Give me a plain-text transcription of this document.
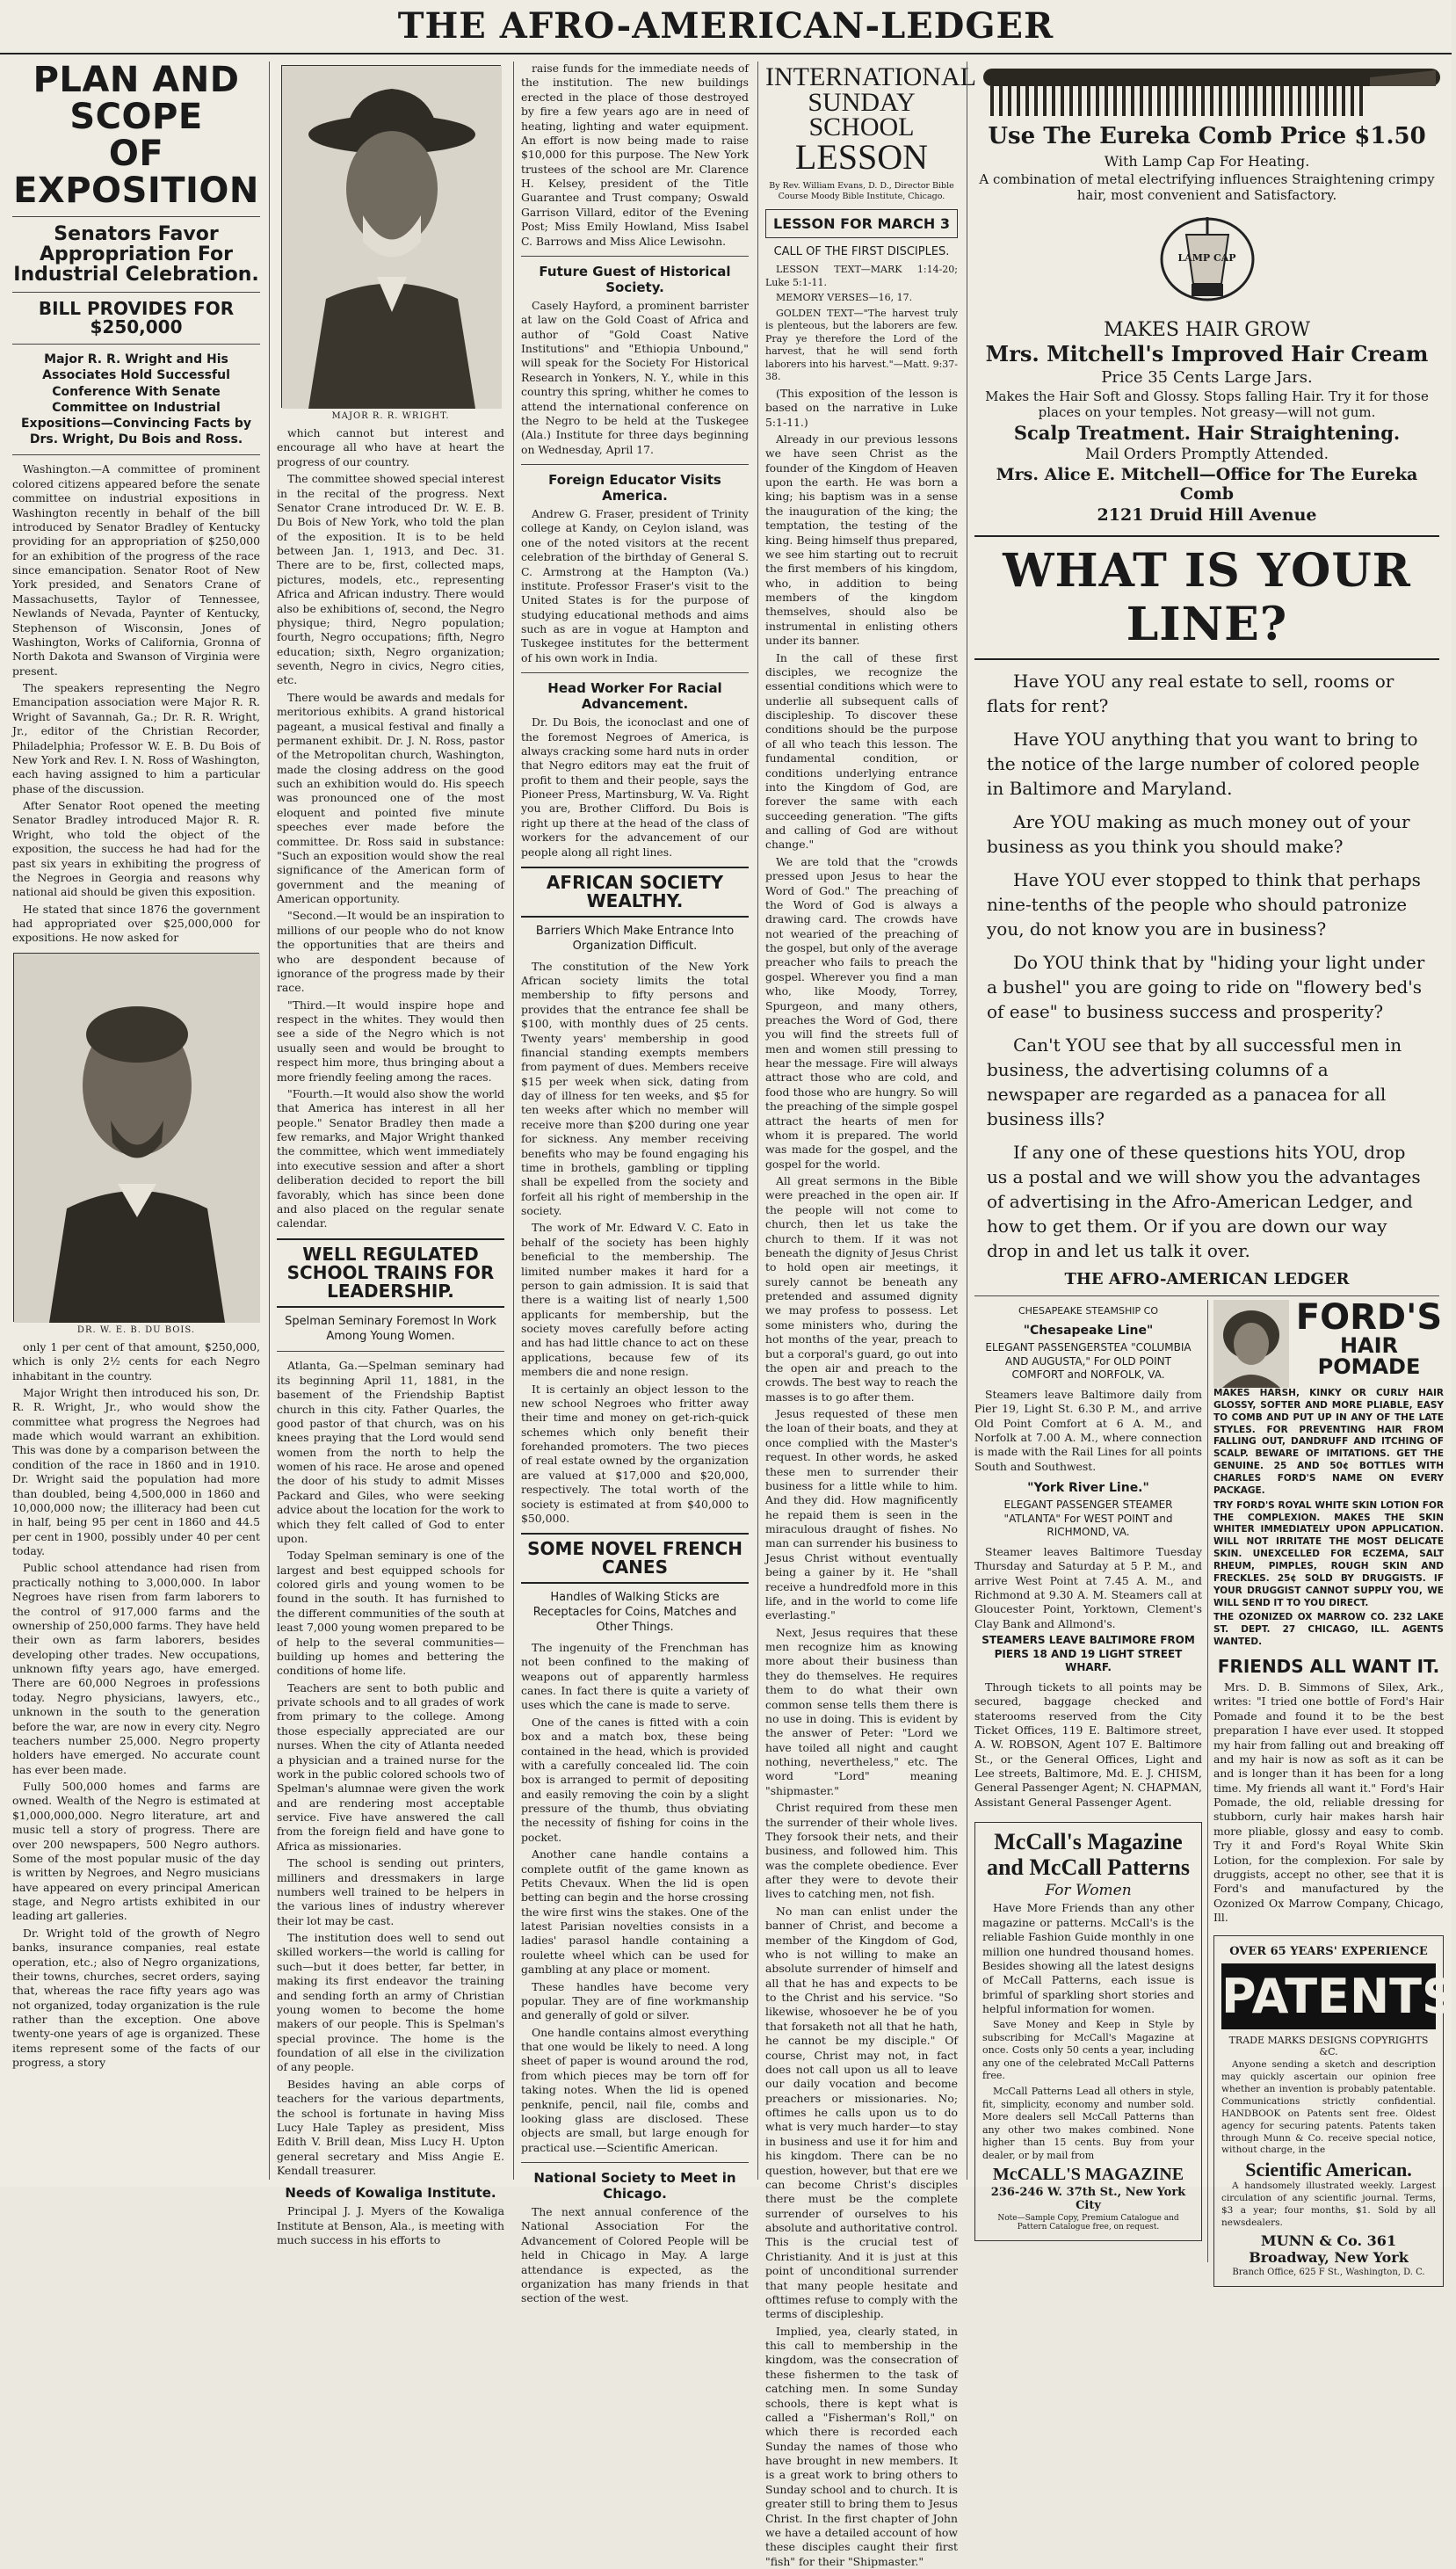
THE AFRO-AMERICAN-LEDGER
PLAN AND SCOPE
OF EXPOSITION
Senators Favor Appropriation For Industrial Celebration.
BILL PROVIDES FOR $250,000
Major R. R. Wright and His Associates Hold Successful Conference With Senate Committee on Industrial Expositions—Convincing Facts by Drs. Wright, Du Bois and Ross.

Washington.—A committee of prominent colored citizens appeared before the senate committee on industrial expositions in Washington recently in behalf of the bill introduced by Senator Bradley of Kentucky providing for an appropriation of $250,000 for an exhibition of the progress of the race since emancipation. Senator Root of New York presided, and Senators Crane of Massachusetts, Taylor of Tennessee, Newlands of Nevada, Paynter of Kentucky, Stephenson of Wisconsin, Jones of Washington, Works of California, Gronna of North Dakota and Swanson of Virginia were present.

The speakers representing the Negro Emancipation association were Major R. R. Wright of Savannah, Ga.; Dr. R. R. Wright, Jr., editor of the Christian Recorder, Philadelphia; Professor W. E. B. Du Bois of New York and Rev. I. N. Ross of Washington, each having assigned to him a particular phase of the discussion.

After Senator Root opened the meeting Senator Bradley introduced Major R. R. Wright, who told the object of the exposition, the success he had had for the past six years in exhibiting the progress of the Negroes in Georgia and reasons why national aid should be given this exposition.

He stated that since 1876 the government had appropriated over $25,000,000 for expositions. He now asked for

DR. W. E. B. DU BOIS.

only 1 per cent of that amount, $250,000, which is only 2½ cents for each Negro inhabitant in the country.

Major Wright then introduced his son, Dr. R. R. Wright, Jr., who would show the committee what progress the Negroes had made which would warrant an exhibition. This was done by a comparison between the condition of the race in 1860 and in 1910. Dr. Wright said the population had more than doubled, being 4,500,000 in 1860 and 10,000,000 now; the illiteracy had been cut in half, being 95 per cent in 1860 and 44.5 per cent in 1900, possibly under 40 per cent today.

Public school attendance had risen from practically nothing to 3,000,000. In labor Negroes have risen from farm laborers to the control of 917,000 farms and the ownership of 250,000 farms. They have held their own as farm laborers, besides developing other trades. New occupations, unknown fifty years ago, have emerged. There are 60,000 Negroes in professions today. Negro physicians, lawyers, etc., unknown in the south to the generation before the war, are now in every city. Negro teachers number 25,000. Negro property holders have emerged. No accurate count has ever been made.

Fully 500,000 homes and farms are owned. Wealth of the Negro is estimated at $1,000,000,000. Negro literature, art and music tell a story of progress. There are over 200 newspapers, 500 Negro authors. Some of the most popular music of the day is written by Negroes, and Negro musicians have appeared on every principal American stage, and Negro artists exhibited in our leading art galleries.

Dr. Wright told of the growth of Negro banks, insurance companies, real estate operation, etc.; also of Negro organizations, their towns, churches, secret orders, saying that, whereas the race fifty years ago was not organized, today organization is the rule rather than the exception. One above twenty-one years of age is organized. These items represent some of the facts of our progress, a story

MAJOR R. R. WRIGHT.

which cannot but interest and encourage all who have at heart the progress of our country.

The committee showed special interest in the recital of the progress. Next Senator Crane introduced Dr. W. E. B. Du Bois of New York, who told the plan of the exposition. It is to be held between Jan. 1, 1913, and Dec. 31. There are to be, first, collected maps, pictures, models, etc., representing Africa and African industry. There would also be exhibitions of, second, the Negro physique; third, Negro population; fourth, Negro occupations; fifth, Negro education; sixth, Negro organization; seventh, Negro in civics, Negro cities, etc.

There would be awards and medals for meritorious exhibits. A grand historical pageant, a musical festival and finally a permanent exhibit. Dr. J. N. Ross, pastor of the Metropolitan church, Washington, made the closing address on the good such an exhibition would do. His speech was pronounced one of the most eloquent and pointed five minute speeches ever made before the committee. Dr. Ross said in substance: "Such an exposition would show the real significance of the American form of government and the meaning of American opportunity.

"Second.—It would be an inspiration to millions of our people who do not know the opportunities that are theirs and who are despondent because of ignorance of the progress made by their race.

"Third.—It would inspire hope and respect in the whites. They would then see a side of the Negro which is not usually seen and would be brought to respect him more, thus bringing about a more friendly feeling among the races.

"Fourth.—It would also show the world that America has interest in all her people." Senator Bradley then made a few remarks, and Major Wright thanked the committee, which went immediately into executive session and after a short deliberation decided to report the bill favorably, which has since been done and also placed on the regular senate calendar.

WELL REGULATED SCHOOL TRAINS FOR LEADERSHIP.
Spelman Seminary Foremost In Work Among Young Women.

Atlanta, Ga.—Spelman seminary had its beginning April 11, 1881, in the basement of the Friendship Baptist church in this city. Father Quarles, the good pastor of that church, was on his knees praying that the Lord would send women from the north to help the women of his race. He arose and opened the door of his study to admit Misses Packard and Giles, who were seeking advice about the location for the work to which they felt called of God to enter upon.

Today Spelman seminary is one of the largest and best equipped schools for colored girls and young women to be found in the south. It has furnished to the different communities of the south at least 7,000 young women prepared to be of help to the several communities—building up homes and bettering the conditions of home life.

Teachers are sent to both public and private schools and to all grades of work from primary to the college. Among those especially appreciated are our nurses. When the city of Atlanta needed a physician and a trained nurse for the work in the public colored schools two of Spelman's alumnae were given the work and are rendering most acceptable service. Five have answered the call from the foreign field and have gone to Africa as missionaries.

The school is sending out printers, milliners and dressmakers in large numbers well trained to be helpers in the various lines of industry wherever their lot may be cast.

The institution does well to send out skilled workers—the world is calling for such—but it does better, far better, in making its first endeavor the training and sending forth an army of Christian young women to become the home makers of our people. This is Spelman's special province. The home is the foundation of all else in the civilization of any people.

Besides having an able corps of teachers for the various departments, the school is fortunate in having Miss Lucy Hale Tapley as president, Miss Edith V. Brill dean, Miss Lucy H. Upton general secretary and Miss Angie E. Kendall treasurer.

Needs of Kowaliga Institute.

Principal J. J. Myers of the Kowaliga Institute at Benson, Ala., is meeting with much success in his efforts to

raise funds for the immediate needs of the institution. The new buildings erected in the place of those destroyed by fire a few years ago are in need of heating, lighting and water equipment. An effort is now being made to raise $10,000 for this purpose. The New York trustees of the school are Mr. Clarence H. Kelsey, president of the Title Guarantee and Trust company; Oswald Garrison Villard, editor of the Evening Post; Miss Emily Howland, Miss Isabel C. Barrows and Miss Alice Lewisohn.

Future Guest of Historical Society.

Casely Hayford, a prominent barrister at law on the Gold Coast of Africa and author of "Gold Coast Native Institutions" and "Ethiopia Unbound," will speak for the Society For Historical Research in Yonkers, N. Y., while in this country this spring, whither he comes to attend the international conference on the Negro to be held at the Tuskegee (Ala.) Institute for three days beginning on Wednesday, April 17.

Foreign Educator Visits America.

Andrew G. Fraser, president of Trinity college at Kandy, on Ceylon island, was one of the noted visitors at the recent celebration of the birthday of General S. C. Armstrong at the Hampton (Va.) institute. Professor Fraser's visit to the United States is for the purpose of studying educational methods and aims such as are in vogue at Hampton and Tuskegee institutes for the betterment of his own work in India.

Head Worker For Racial Advancement.

Dr. Du Bois, the iconoclast and one of the foremost Negroes of America, is always cracking some hard nuts in order that Negro editors may eat the fruit of profit to them and their people, says the Pioneer Press, Martinsburg, W. Va. Right you are, Brother Clifford. Du Bois is right up there at the head of the class of workers for the advancement of our people along all right lines.

AFRICAN SOCIETY WEALTHY.
Barriers Which Make Entrance Into Organization Difficult.

The constitution of the New York African society limits the total membership to fifty persons and provides that the entrance fee shall be $100, with monthly dues of 25 cents. Twenty years' membership in good financial standing exempts members from payment of dues. Members receive $15 per week when sick, dating from day of illness for ten weeks, and $5 for ten weeks after which no member will receive more than $200 during one year for sickness. Any member receiving benefits who may be found engaging his time in brothels, gambling or tippling shall be expelled from the society and forfeit all his right of membership in the society.

The work of Mr. Edward V. C. Eato in behalf of the society has been highly beneficial to the membership. The limited number makes it hard for a person to gain admission. It is said that there is a waiting list of nearly 1,500 applicants for membership, but the society moves carefully before acting and has had little chance to act on these applications, because few of its members die and none resign.

It is certainly an object lesson to the new school Negroes who fritter away their time and money on get-rich-quick schemes which only benefit their forehanded promoters. The two pieces of real estate owned by the organization are valued at $17,000 and $20,000, respectively. The total worth of the society is estimated at from $40,000 to $50,000.

SOME NOVEL FRENCH CANES
Handles of Walking Sticks are Receptacles for Coins, Matches and Other Things.

The ingenuity of the Frenchman has not been confined to the making of weapons out of apparently harmless canes. In fact there is quite a variety of uses which the cane is made to serve.

One of the canes is fitted with a coin box and a match box, these being contained in the head, which is provided with a carefully concealed lid. The coin box is arranged to permit of depositing and easily removing the coin by a slight pressure of the thumb, thus obviating the necessity of fishing for coins in the pocket.

Another cane handle contains a complete outfit of the game known as Petits Chevaux. When the lid is open betting can begin and the horse crossing the wire first wins the stakes. One of the latest Parisian novelties consists in a ladies' parasol handle containing a roulette wheel which can be used for gambling at any place or moment.

These handles have become very popular. They are of fine workmanship and generally of gold or silver.

One handle contains almost everything that one would be likely to need. A long sheet of paper is wound around the rod, from which pieces may be torn off for taking notes. When the lid is opened penknife, pencil, nail file, combs and looking glass are disclosed. These objects are small, but large enough for practical use.—Scientific American.

National Society to Meet in Chicago.

The next annual conference of the National Association For the Advancement of Colored People will be held in Chicago in May. A large attendance is expected, as the organization has many friends in that section of the west.

INTERNATIONAL
SUNDAY SCHOOL
LESSON
By Rev. William Evans, D. D., Director Bible Course Moody Bible Institute, Chicago.
LESSON FOR MARCH 3
CALL OF THE FIRST DISCIPLES.

LESSON TEXT—MARK 1:14-20; Luke 5:1-11.

MEMORY VERSES—16, 17.

GOLDEN TEXT—"The harvest truly is plenteous, but the laborers are few. Pray ye therefore the Lord of the harvest, that he will send forth laborers into his harvest."—Matt. 9:37-38.

(This exposition of the lesson is based on the narrative in Luke 5:1-11.)

Already in our previous lessons we have seen Christ as the founder of the Kingdom of Heaven upon the earth. He was born a king; his baptism was in a sense the inauguration of the king; the temptation, the testing of the king. Being himself thus prepared, we see him starting out to recruit the first members of his kingdom, who, in addition to being members of the kingdom themselves, should also be instrumental in enlisting others under its banner.

In the call of these first disciples, we recognize the essential conditions which were to underlie all subsequent calls of discipleship. To discover these conditions should be the purpose of all who teach this lesson. The fundamental condition, or conditions underlying entrance into the Kingdom of God, are forever the same with each succeeding generation. "The gifts and calling of God are without change."

We are told that the "crowds pressed upon Jesus to hear the Word of God." The preaching of the Word of God is always a drawing card. The crowds have not wearied of the preaching of the gospel, but only of the average preacher who fails to preach the gospel. Wherever you find a man who, like Moody, Torrey, Spurgeon, and many others, preaches the Word of God, there you will find the streets full of men and women still pressing to hear the message. Fire will always attract those who are cold, and food those who are hungry. So will the preaching of the simple gospel attract the hearts of men for whom it is prepared. The world was made for the gospel, and the gospel for the world.

All great sermons in the Bible were preached in the open air. If the people will not come to church, then let us take the church to them. If it was not beneath the dignity of Jesus Christ to hold open air meetings, it surely cannot be beneath any pretended and assumed dignity we may profess to possess. Let some ministers who, during the hot months of the year, preach to but a corporal's guard, go out into the open air and preach to the crowds. The best way to reach the masses is to go after them.

Jesus requested of these men the loan of their boats, and they at once complied with the Master's request. In other words, he asked these men to surrender their business for a little while to him. And they did. How magnificently he repaid them is seen in the miraculous draught of fishes. No man can surrender his business to Jesus Christ without eventually being a gainer by it. He "shall receive a hundredfold more in this life, and in the world to come life everlasting."

Next, Jesus requires that these men recognize him as knowing more about their business than they do themselves. He requires them to do what their own common sense tells them there is no use in doing. This is evident by the answer of Peter: "Lord we have toiled all night and caught nothing, nevertheless," etc. The word "Lord" meaning "shipmaster."

Christ required from these men the surrender of their whole lives. They forsook their nets, and their business, and followed him. This was the complete obedience. Ever after they were to devote their lives to catching men, not fish.

No man can enlist under the banner of Christ, and become a member of the Kingdom of God, who is not willing to make an absolute surrender of himself and all that he has and expects to be to the Christ and his service. "So likewise, whosoever he be of you that forsaketh not all that he hath, he cannot be my disciple." Of course, Christ may not, in fact does not call upon us all to leave our daily vocation and become preachers or missionaries. No; oftimes he calls upon us to do what is very much harder—to stay in business and use it for him and his kingdom. There can be no question, however, but that ere we can become Christ's disciples there must be the complete surrender of ourselves to his absolute and authoritative control. This is the crucial test of Christianity. And it is just at this point of unconditional surrender that many people hesitate and ofttimes refuse to comply with the terms of discipleship.

Implied, yea, clearly stated, in this call to membership in the kingdom, was the consecration of these fishermen to the task of catching men. In some Sunday schools, there is kept what is called a "Fisherman's Roll," on which there is recorded each Sunday the names of those who have brought in new members. It is a great work to bring others to Sunday school and to church. It is greater still to bring them to Jesus Christ. In the first chapter of John we have a detailed account of how these disciples caught their first "fish" for their "Shipmaster."

Use The Eureka Comb Price $1.50
With Lamp Cap For Heating.
A combination of metal electrifying influences Straightening crimpy hair, most convenient and Satisfactory.
LAMP CAP
MAKES HAIR GROW
Mrs. Mitchell's Improved Hair Cream
Price 35 Cents Large Jars.
Makes the Hair Soft and Glossy. Stops falling Hair. Try it for those places on your temples. Not greasy—will not gum.
Scalp Treatment. Hair Straightening.
Mail Orders Promptly Attended.
Mrs. Alice E. Mitchell—Office for The Eureka Comb
2121 Druid Hill Avenue
WHAT IS YOUR LINE?
Have YOU any real estate to sell, rooms or flats for rent?
Have YOU anything that you want to bring to the notice of the large number of colored people in Baltimore and Maryland.
Are YOU making as much money out of your business as you think you should make?
Have YOU ever stopped to think that perhaps nine-tenths of the people who should patronize you, do not know you are in business?
Do YOU think that by "hiding your light under a bushel" you are going to ride on "flowery bed's of ease" to business success and prosperity?
Can't YOU see that by all successful men in business, the advertising columns of a newspaper are regarded as a panacea for all business ills?
If any one of these questions hits YOU, drop us a postal and we will show you the advantages of advertising in the Afro-American Ledger, and how to get them. Or if you are down our way drop in and let us talk it over.
THE AFRO-AMERICAN LEDGER
CHESAPEAKE STEAMSHIP CO
"Chesapeake Line"
ELEGANT PASSENGERSTEA "COLUMBIA AND AUGUSTA," For OLD POINT COMFORT and NORFOLK, VA.

Steamers leave Baltimore daily from Pier 19, Light St. 6.30 P. M., and arrive Old Point Comfort at 6 A. M., and Norfolk at 7.00 A. M., where connection is made with the Rail Lines for all points South and Southwest.

"York River Line."
ELEGANT PASSENGER STEAMER "ATLANTA" For WEST POINT and RICHMOND, VA.

Steamer leaves Baltimore Tuesday Thursday and Saturday at 5 P. M., and arrive West Point at 7.45 A. M., and Richmond at 9.30 A. M. Steamers call at Gloucester Point, Yorktown, Clement's Clay Bank and Allmond's.

STEAMERS LEAVE BALTIMORE FROM PIERS 18 AND 19 LIGHT STREET WHARF.

Through tickets to all points may be secured, baggage checked and staterooms reserved from the City Ticket Offices, 119 E. Baltimore street, A. W. ROBSON, Agent 107 E. Baltimore St., or the General Offices, Light and Lee streets, Baltimore, Md. E. J. CHISM, General Passenger Agent; N. CHAPMAN, Assistant General Passenger Agent.

McCall's Magazine and McCall Patterns
For Women

Have More Friends than any other magazine or patterns. McCall's is the reliable Fashion Guide monthly in one million one hundred thousand homes. Besides showing all the latest designs of McCall Patterns, each issue is brimful of sparkling short stories and helpful information for women.

Save Money and Keep in Style by subscribing for McCall's Magazine at once. Costs only 50 cents a year, including any one of the celebrated McCall Patterns free.

McCall Patterns Lead all others in style, fit, simplicity, economy and number sold. More dealers sell McCall Patterns than any other two makes combined. None higher than 15 cents. Buy from your dealer, or by mail from

McCALL'S MAGAZINE
236-246 W. 37th St., New York City
Note—Sample Copy, Premium Catalogue and Pattern Catalogue free, on request.
FORD'S
HAIR POMADE

MAKES HARSH, KINKY OR CURLY HAIR GLOSSY, SOFTER AND MORE PLIABLE, EASY TO COMB AND PUT UP IN ANY OF THE LATE STYLES. FOR PREVENTING HAIR FROM FALLING OUT, DANDRUFF AND ITCHING OF SCALP. BEWARE OF IMITATIONS. GET THE GENUINE. 25 AND 50¢ BOTTLES WITH CHARLES FORD'S NAME ON EVERY PACKAGE.

TRY FORD'S ROYAL WHITE SKIN LOTION FOR THE COMPLEXION. MAKES THE SKIN WHITER IMMEDIATELY UPON APPLICATION. WILL NOT IRRITATE THE MOST DELICATE SKIN. UNEXCELLED FOR ECZEMA, SALT RHEUM, PIMPLES, ROUGH SKIN AND FRECKLES. 25¢ SOLD BY DRUGGISTS. IF YOUR DRUGGIST CANNOT SUPPLY YOU, WE WILL SEND IT TO YOU DIRECT.

THE OZONIZED OX MARROW CO. 232 LAKE ST. DEPT. 27 CHICAGO, ILL. AGENTS WANTED.

FRIENDS ALL WANT IT.

Mrs. D. B. Simmons of Silex, Ark., writes: "I tried one bottle of Ford's Hair Pomade and found it to be the best preparation I have ever used. It stopped my hair from falling out and breaking off and my hair is now as soft as it can be and is longer than it has been for a long time. My friends all want it." Ford's Hair Pomade, the old, reliable dressing for stubborn, curly hair makes harsh hair more pliable, glossy and easy to comb. Try it and Ford's Royal White Skin Lotion, for the complexion. For sale by druggists, accept no other, see that it is Ford's and manufactured by the Ozonized Ox Marrow Company, Chicago, Ill.

OVER 65 YEARS' EXPERIENCE
PATENTS
TRADE MARKS DESIGNS COPYRIGHTS &C.

Anyone sending a sketch and description may quickly ascertain our opinion free whether an invention is probably patentable. Communications strictly confidential. HANDBOOK on Patents sent free. Oldest agency for securing patents. Patents taken through Munn & Co. receive special notice, without charge, in the

Scientific American.

A handsomely illustrated weekly. Largest circulation of any scientific journal. Terms, $3 a year; four months, $1. Sold by all newsdealers.

MUNN & Co. 361 Broadway, New York
Branch Office, 625 F St., Washington, D. C.
